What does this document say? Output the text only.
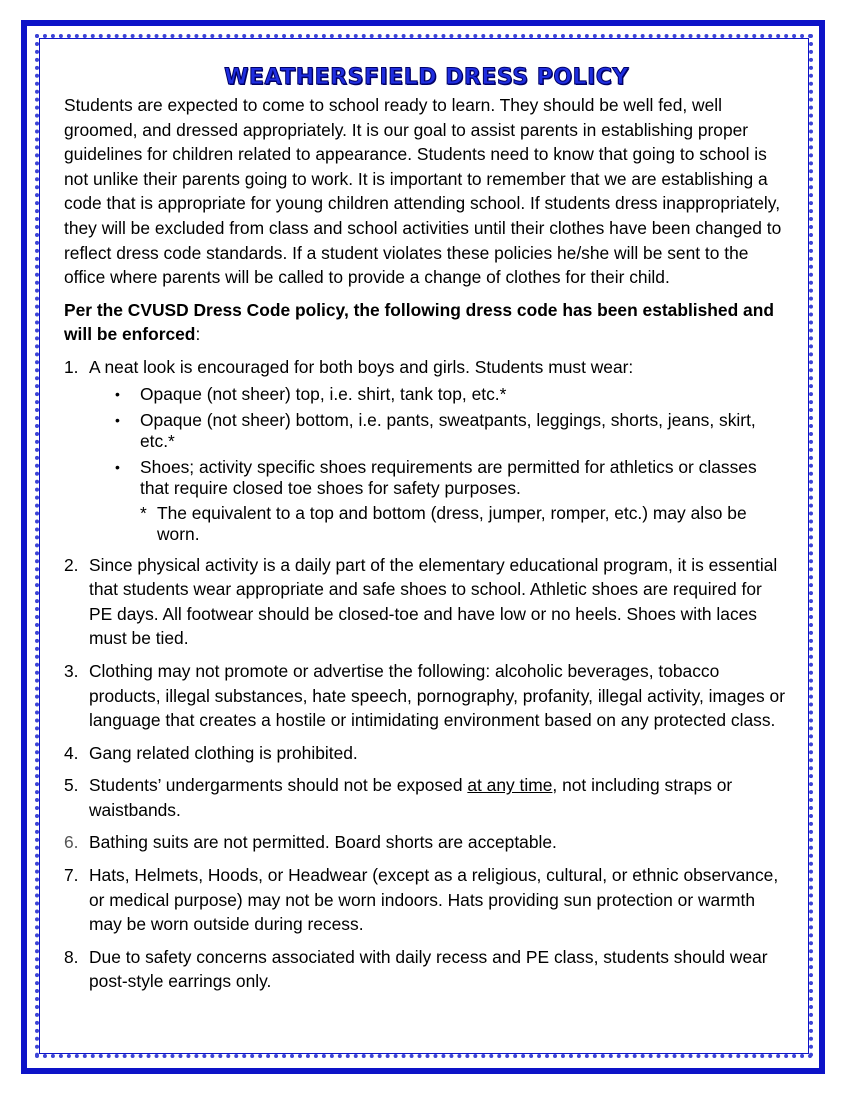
WEATHERSFIELD DRESS POLICY

Students are expected to come to school ready to learn. They should be well fed, well groomed, and dressed appropriately. It is our goal to assist parents in establishing proper guidelines for children related to appearance. Students need to know that going to school is not unlike their parents going to work. It is important to remember that we are establishing a code that is appropriate for young children attending school. If students dress inappropriately, they will be excluded from class and school activities until their clothes have been changed to reflect dress code standards. If a student violates these policies he/she will be sent to the office where parents will be called to provide a change of clothes for their child.

Per the CVUSD Dress Code policy, the following dress code has been established and will be enforced:

1. A neat look is encouraged for both boys and girls. Students must wear:
• Opaque (not sheer) top, i.e. shirt, tank top, etc.*
• Opaque (not sheer) bottom, i.e. pants, sweatpants, leggings, shorts, jeans, skirt, etc.*
• Shoes; activity specific shoes requirements are permitted for athletics or classes that require closed toe shoes for safety purposes.
* The equivalent to a top and bottom (dress, jumper, romper, etc.) may also be worn.
2. Since physical activity is a daily part of the elementary educational program, it is essential that students wear appropriate and safe shoes to school. Athletic shoes are required for PE days. All footwear should be closed-toe and have low or no heels. Shoes with laces must be tied.
3. Clothing may not promote or advertise the following: alcoholic beverages, tobacco products, illegal substances, hate speech, pornography, profanity, illegal activity, images or language that creates a hostile or intimidating environment based on any protected class.
4. Gang related clothing is prohibited.
5. Students’ undergarments should not be exposed at any time, not including straps or waistbands.
6. Bathing suits are not permitted. Board shorts are acceptable.
7. Hats, Helmets, Hoods, or Headwear (except as a religious, cultural, or ethnic observance, or medical purpose) may not be worn indoors. Hats providing sun protection or warmth may be worn outside during recess.
8. Due to safety concerns associated with daily recess and PE class, students should wear post-style earrings only.
